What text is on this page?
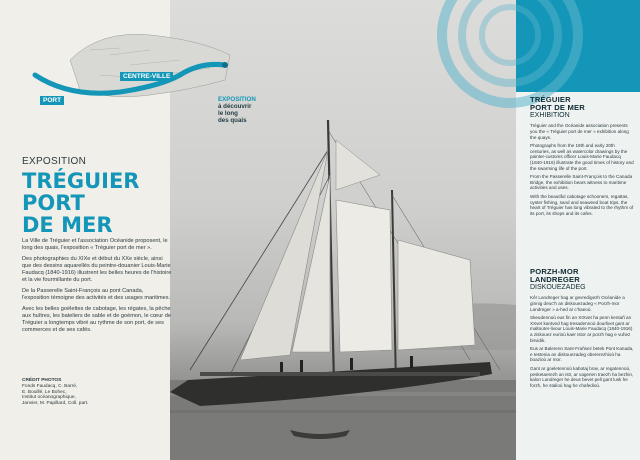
TRÉGUIER
PORT DE MER
EXHIBITION

Tréguier and the Océanide association presents you the « Tréguier port de mer » exhibition along the quays.

Photographs from the 19th and early 20th centuries, as well as watercolor drawings by the painter-customs officer Louis-Marie Faudacq (1840-1916) illustrate the good times of history and the swarming life of the port.

From the Passerelle Saint-François to the Canada Bridge, the exhibition bears witness to maritime activities and uses.

With the beautiful cabotage schooners, regattas, oyster fishing, sand and seaweed boat trips, the heart of Tréguier has long vibrated to the rhythm of its port, its shops and its cafes.

PORZH-MOR
LANDREGER
DISKOUEZADEG

Kêr Landreger hag ar gevredigezh Océanide a ginnig deoc'h an diskouezadeg « Porzh-mor Landreger » a-hed ar c'haeoù.

Skeudennoù eus fin an XIXvet ha penn kentañ an XXvet kantved hag tresadennoù dourlivet gant ar maltouter-livour Louis-Marie Faudacq (1840-1916) a ziskouez eurioù kaer istor ar porzh hag e vuhez birvidik.

Eus ar Balerenn Sant-Frañsez betek Pont Kanada, e testenia an diskouezadeg obererezhioù ha boazioù ar mor.

Gant ar goeletennoù kabotaj brav, ar regatennoù, pesketaerezh an istr, ar vagerien traezh ha bezhin, kalon Landreger he deus bevet pell gant lusk he forzh, he stalioù hag he chafedioù.

CENTRE-VILLE
PORT	EXPOSITION
à découvrir
le long
des quais
EXPOSITION
TRÉGUIER
PORT
DE MER

La Ville de Tréguier et l'association Océanide proposent, le long des quais, l'exposition « Tréguier port de mer ».

Des photographies du XIXe et début du XXe siècle, ainsi que des dessins aquarellés du peintre-douanier Louis-Marie Faudacq (1840-1916) illustrent les belles heures de l'histoire et la vie fourmillante du port.

De la Passerelle Saint-François au pont Canada, l'exposition témoigne des activités et des usages maritimes.

Avec les belles goélettes de cabotage, les régates, la pêche aux huîtres, les bateliers de sable et de goémon, le cœur de Tréguier a longtemps vibré au rythme de son port, de ses commerces et de ses cafés.

CRÉDIT PHOTOS
Fonds Faudacq, C. Barré,
E. Bouillé, Le Bohec,
Institut océanographique,
Janvier, M. Papillard, Coll. part.
